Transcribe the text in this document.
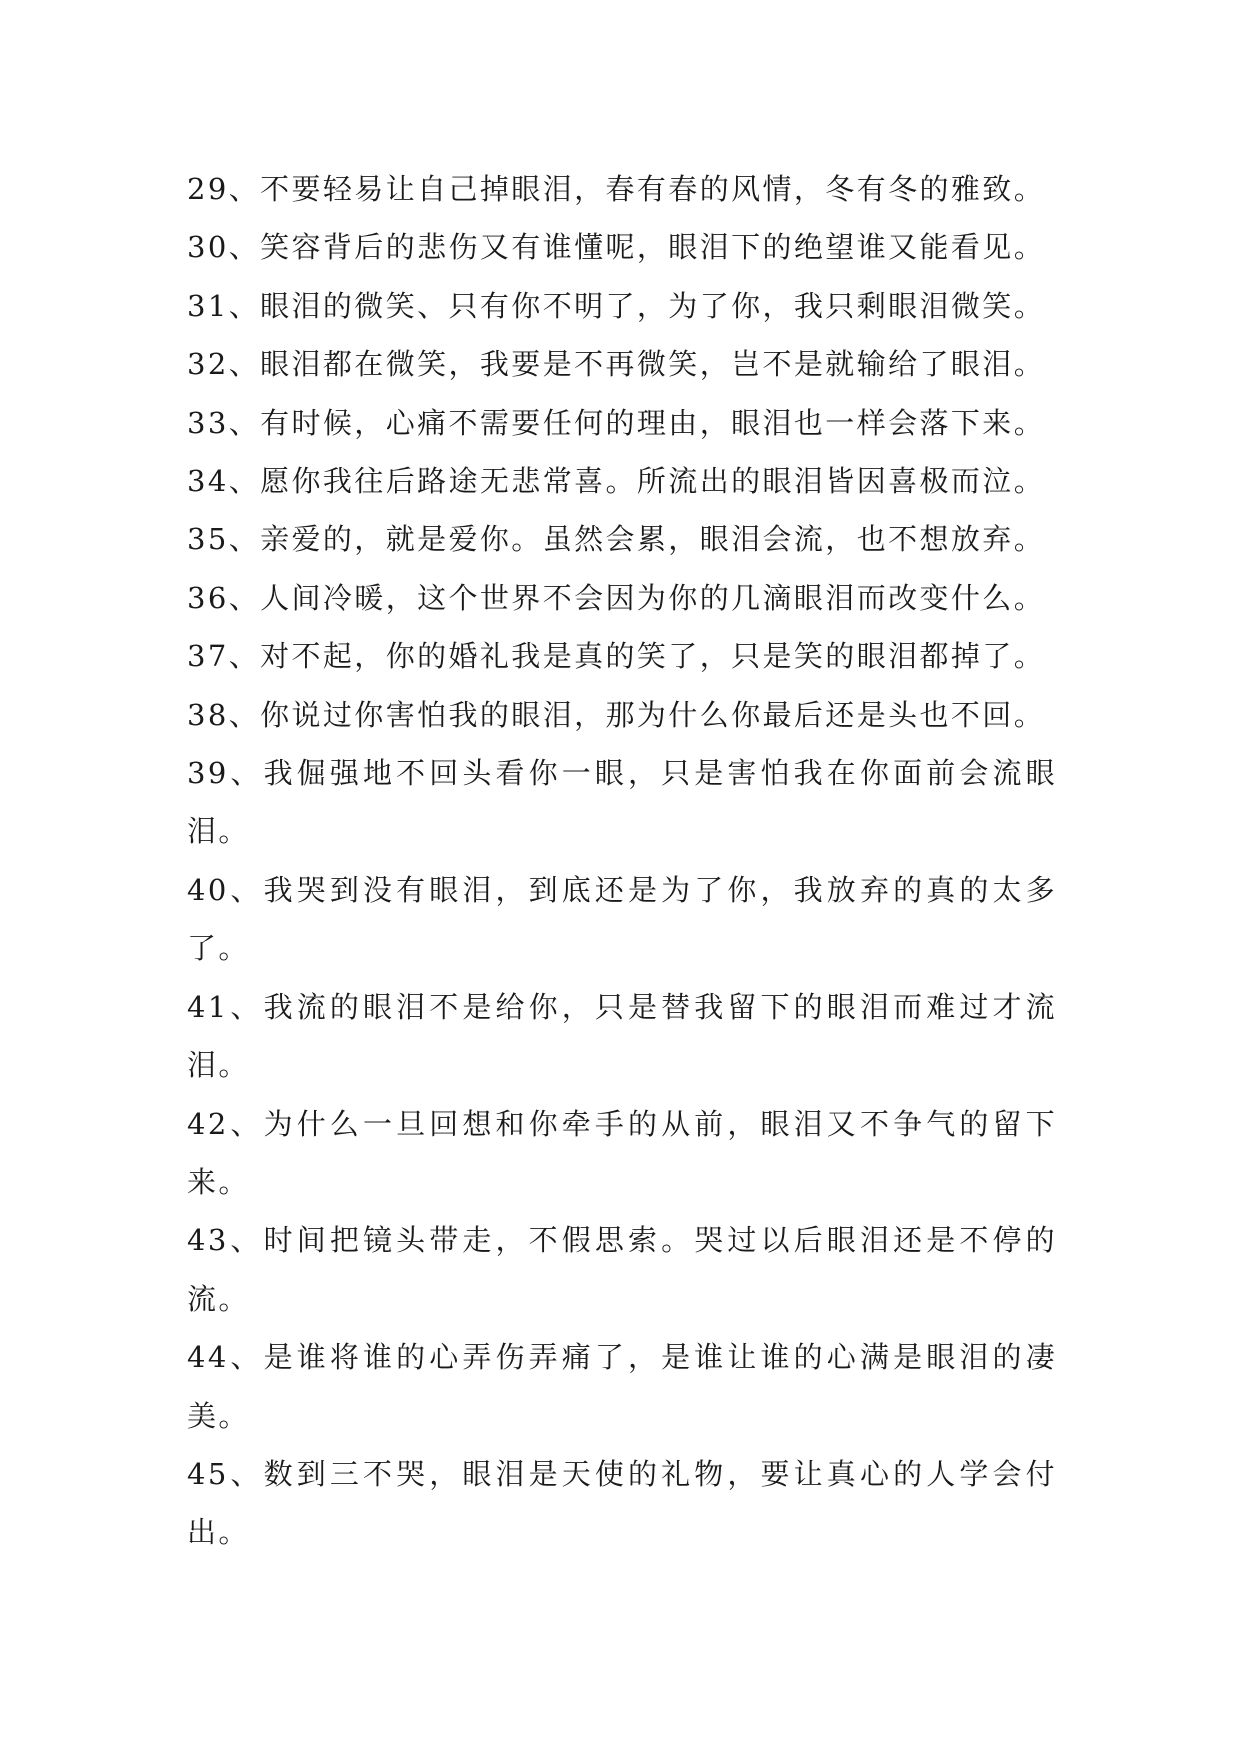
29、不要轻易让自己掉眼泪，春有春的风情，冬有冬的雅致。

30、笑容背后的悲伤又有谁懂呢，眼泪下的绝望谁又能看见。

31、眼泪的微笑、只有你不明了，为了你，我只剩眼泪微笑。

32、眼泪都在微笑，我要是不再微笑，岂不是就输给了眼泪。

33、有时候，心痛不需要任何的理由，眼泪也一样会落下来。

34、愿你我往后路途无悲常喜。所流出的眼泪皆因喜极而泣。

35、亲爱的，就是爱你。虽然会累，眼泪会流，也不想放弃。

36、人间冷暖，这个世界不会因为你的几滴眼泪而改变什么。

37、对不起，你的婚礼我是真的笑了，只是笑的眼泪都掉了。

38、你说过你害怕我的眼泪，那为什么你最后还是头也不回。

39、我倔强地不回头看你一眼，只是害怕我在你面前会流眼泪。

40、我哭到没有眼泪，到底还是为了你，我放弃的真的太多了。

41、我流的眼泪不是给你，只是替我留下的眼泪而难过才流泪。

42、为什么一旦回想和你牵手的从前，眼泪又不争气的留下来。

43、时间把镜头带走，不假思索。哭过以后眼泪还是不停的流。

44、是谁将谁的心弄伤弄痛了，是谁让谁的心满是眼泪的凄美。

45、数到三不哭，眼泪是天使的礼物，要让真心的人学会付出。
